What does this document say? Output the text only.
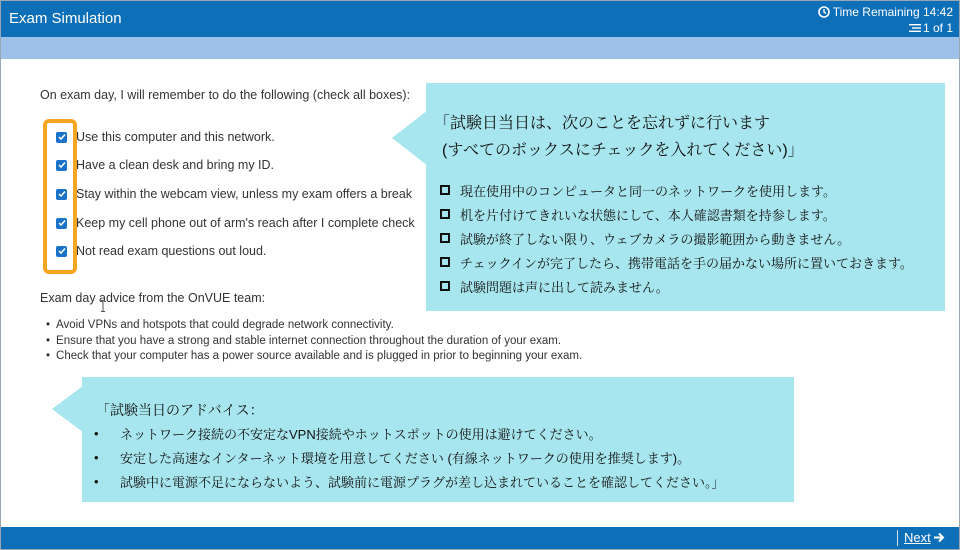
Exam Simulation	Time Remaining 14:42
1 of 1
On exam day, I will remember to do the following (check all boxes):
Use this computer and this network.
Have a clean desk and bring my ID.
Stay within the webcam view, unless my exam offers a break
Keep my cell phone out of arm's reach after I complete check
Not read exam questions out loud.
Exam day advice from the OnVUE team:
• Avoid VPNs and hotspots that could degrade network connectivity.
• Ensure that you have a strong and stable internet connection throughout the duration of your exam.
• Check that your computer has a power source available and is plugged in prior to beginning your exam.
「試験日当日は、次のことを忘れずに行います
(すべてのボックスにチェックを入れてください)」
現在使用中のコンピュータと同一のネットワークを使用します。
机を片付けてきれいな状態にして、本人確認書類を持参します。
試験が終了しない限り、ウェブカメラの撮影範囲から動きません。
チェックインが完了したら、携帯電話を手の届かない場所に置いておきます。
試験問題は声に出して読みません。
「試験当日のアドバイス：
•	ネットワーク接続の不安定なVPN接続やホットスポットの使用は避けてください。
•	安定した高速なインターネット環境を用意してください (有線ネットワークの使用を推奨します)。
•	試験中に電源不足にならないよう、試験前に電源プラグが差し込まれていることを確認してください。」
Next
